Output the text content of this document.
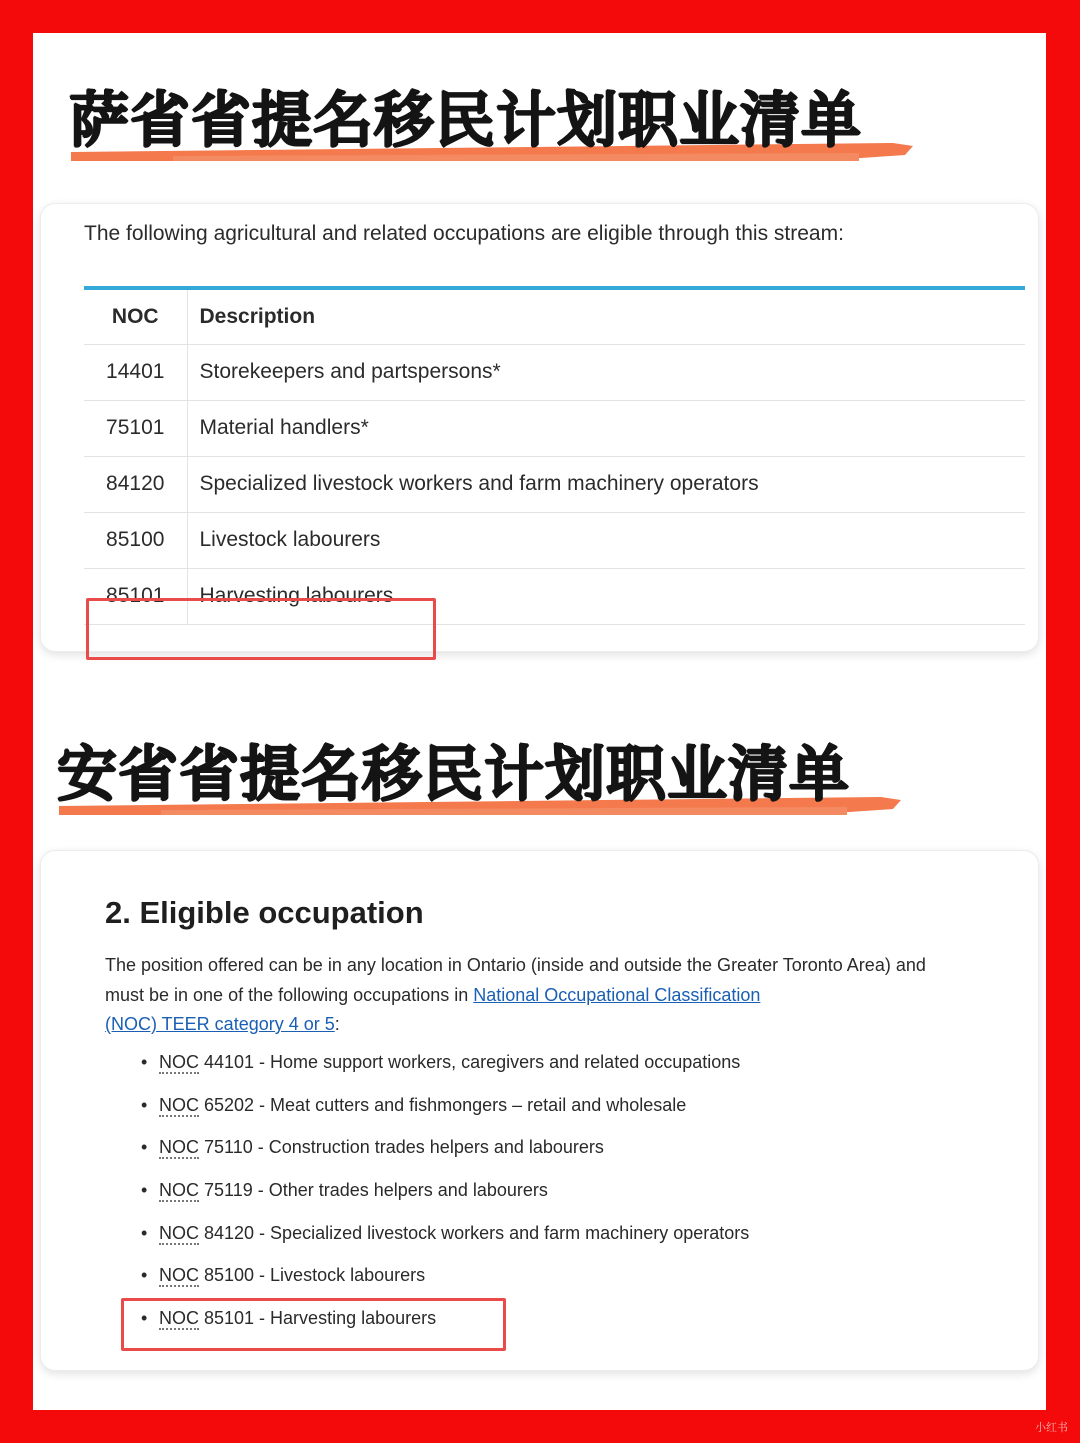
萨省省提名移民计划职业清单
The following agricultural and related occupations are eligible through this stream:
NOC	Description
14401	Storekeepers and partspersons*
75101	Material handlers*
84120	Specialized livestock workers and farm machinery operators
85100	Livestock labourers
85101	Harvesting labourers
安省省提名移民计划职业清单
2. Eligible occupation
The position offered can be in any location in Ontario (inside and outside the Greater Toronto Area) and must be in one of the following occupations in National Occupational Classification
(NOC) TEER category 4 or 5:
• NOC 44101 - Home support workers, caregivers and related occupations
• NOC 65202 - Meat cutters and fishmongers – retail and wholesale
• NOC 75110 - Construction trades helpers and labourers
• NOC 75119 - Other trades helpers and labourers
• NOC 84120 - Specialized livestock workers and farm machinery operators
• NOC 85100 - Livestock labourers
• NOC 85101 - Harvesting labourers
小红书
